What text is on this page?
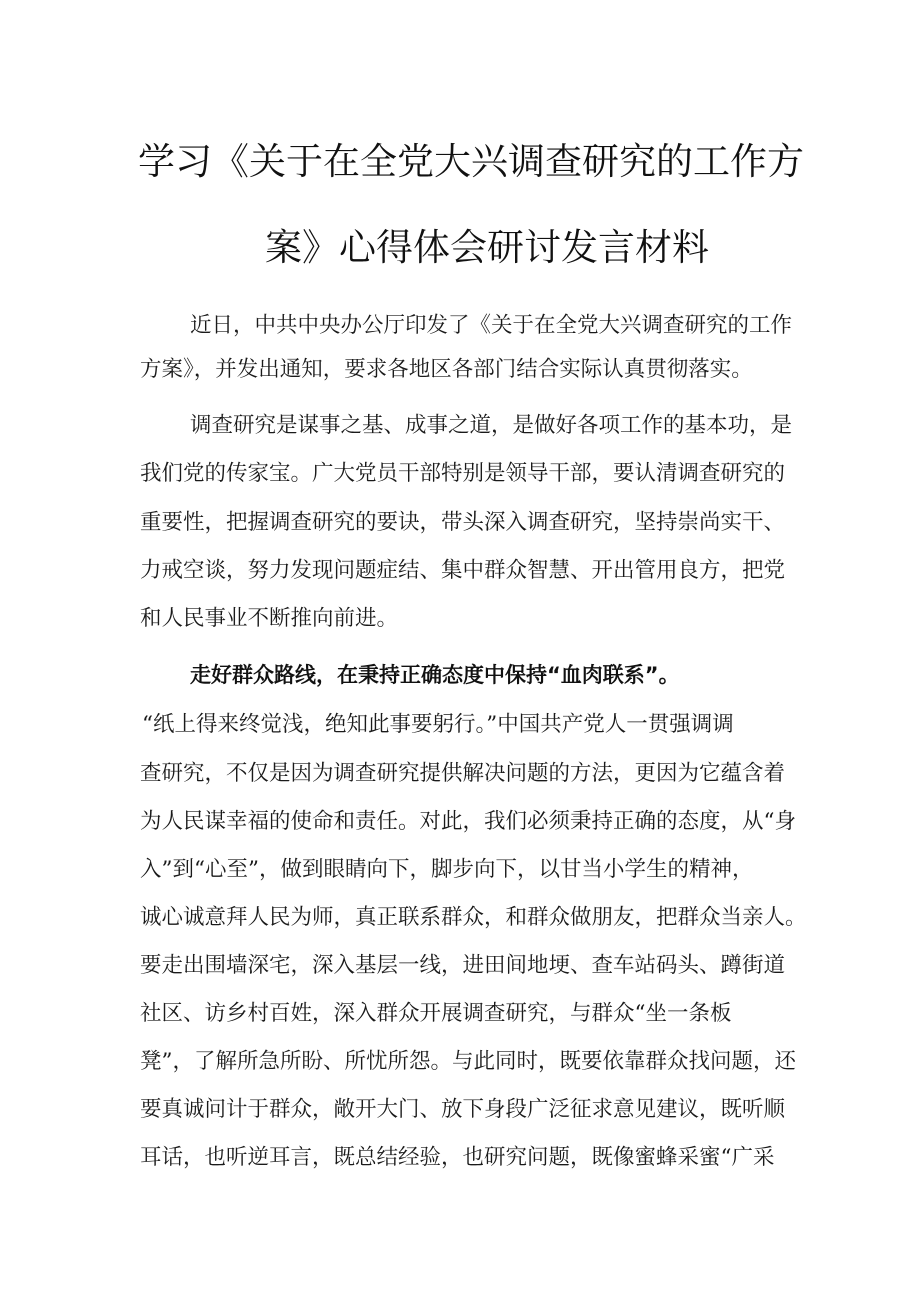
学习《关于在全党大兴调查研究的工作方
案》心得体会研讨发言材料

近日，中共中央办公厅印发了《关于在全党大兴调查研究的工作

方案》，并发出通知，要求各地区各部门结合实际认真贯彻落实。

调查研究是谋事之基、成事之道，是做好各项工作的基本功，是

我们党的传家宝。广大党员干部特别是领导干部，要认清调查研究的

重要性，把握调查研究的要诀，带头深入调查研究，坚持崇尚实干、

力戒空谈，努力发现问题症结、集中群众智慧、开出管用良方，把党

和人民事业不断推向前进。

走好群众路线，在秉持正确态度中保持“血肉联系”。

“纸上得来终觉浅，绝知此事要躬行。”中国共产党人一贯强调调

查研究，不仅是因为调查研究提供解决问题的方法，更因为它蕴含着

为人民谋幸福的使命和责任。对此，我们必须秉持正确的态度，从“身

入”到“心至”，做到眼睛向下，脚步向下，以甘当小学生的精神，

诚心诚意拜人民为师，真正联系群众，和群众做朋友，把群众当亲人。

要走出围墙深宅，深入基层一线，进田间地埂、查车站码头、蹲街道

社区、访乡村百姓，深入群众开展调查研究，与群众“坐一条板

凳”，了解所急所盼、所忧所怨。与此同时，既要依靠群众找问题，还

要真诚问计于群众，敞开大门、放下身段广泛征求意见建议，既听顺

耳话，也听逆耳言，既总结经验，也研究问题，既像蜜蜂采蜜“广采
